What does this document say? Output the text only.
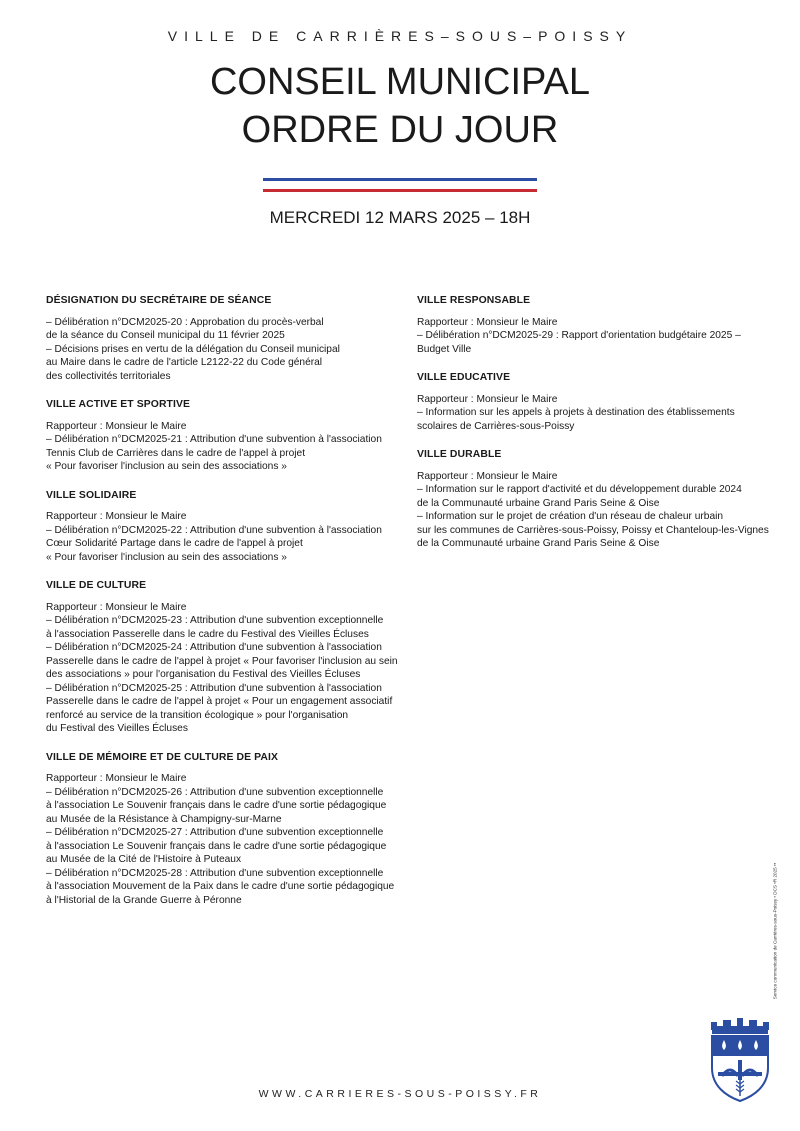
VILLE DE CARRIÈRES–SOUS–POISSY
CONSEIL MUNICIPAL
ORDRE DU JOUR
MERCREDI 12 MARS 2025 – 18H
DÉSIGNATION DU SECRÉTAIRE DE SÉANCE
– Délibération n°DCM2025-20 : Approbation du procès-verbal
de la séance du Conseil municipal du 11 février 2025
– Décisions prises en vertu de la délégation du Conseil municipal
au Maire dans le cadre de l'article L2122-22 du Code général
des collectivités territoriales
VILLE ACTIVE ET SPORTIVE
Rapporteur : Monsieur le Maire
– Délibération n°DCM2025-21 : Attribution d'une subvention à l'association
Tennis Club de Carrières dans le cadre de l'appel à projet
« Pour favoriser l'inclusion au sein des associations »
VILLE SOLIDAIRE
Rapporteur : Monsieur le Maire
– Délibération n°DCM2025-22 : Attribution d'une subvention à l'association
Cœur Solidarité Partage dans le cadre de l'appel à projet
« Pour favoriser l'inclusion au sein des associations »
VILLE DE CULTURE
Rapporteur : Monsieur le Maire
– Délibération n°DCM2025-23 : Attribution d'une subvention exceptionnelle
à l'association Passerelle dans le cadre du Festival des Vieilles Écluses
– Délibération n°DCM2025-24 : Attribution d'une subvention à l'association
Passerelle dans le cadre de l'appel à projet « Pour favoriser l'inclusion au sein
des associations » pour l'organisation du Festival des Vieilles Écluses
– Délibération n°DCM2025-25 : Attribution d'une subvention à l'association
Passerelle dans le cadre de l'appel à projet « Pour un engagement associatif
renforcé au service de la transition écologique » pour l'organisation
du Festival des Vieilles Écluses
VILLE DE MÉMOIRE ET DE CULTURE DE PAIX
Rapporteur : Monsieur le Maire
– Délibération n°DCM2025-26 : Attribution d'une subvention exceptionnelle
à l'association Le Souvenir français dans le cadre d'une sortie pédagogique
au Musée de la Résistance à Champigny-sur-Marne
– Délibération n°DCM2025-27 : Attribution d'une subvention exceptionnelle
à l'association Le Souvenir français dans le cadre d'une sortie pédagogique
au Musée de la Cité de l'Histoire à Puteaux
– Délibération n°DCM2025-28 : Attribution d'une subvention exceptionnelle
à l'association Mouvement de la Paix dans le cadre d'une sortie pédagogique
à l'Historial de la Grande Guerre à Péronne
VILLE RESPONSABLE
Rapporteur : Monsieur le Maire
– Délibération n°DCM2025-29 : Rapport d'orientation budgétaire 2025 –
Budget Ville
VILLE EDUCATIVE
Rapporteur : Monsieur le Maire
– Information sur les appels à projets à destination des établissements
scolaires de Carrières-sous-Poissy
VILLE DURABLE
Rapporteur : Monsieur le Maire
– Information sur le rapport d'activité et du développement durable 2024
de la Communauté urbaine Grand Paris Seine & Oise
– Information sur le projet de création d'un réseau de chaleur urbain
sur les communes de Carrières-sous-Poissy, Poissy et Chanteloup-les-Vignes
de la Communauté urbaine Grand Paris Seine & Oise
Service communication de Carrières-sous-Poissy • DCS •R 2025 ••
WWW.CARRIERES-SOUS-POISSY.FR
